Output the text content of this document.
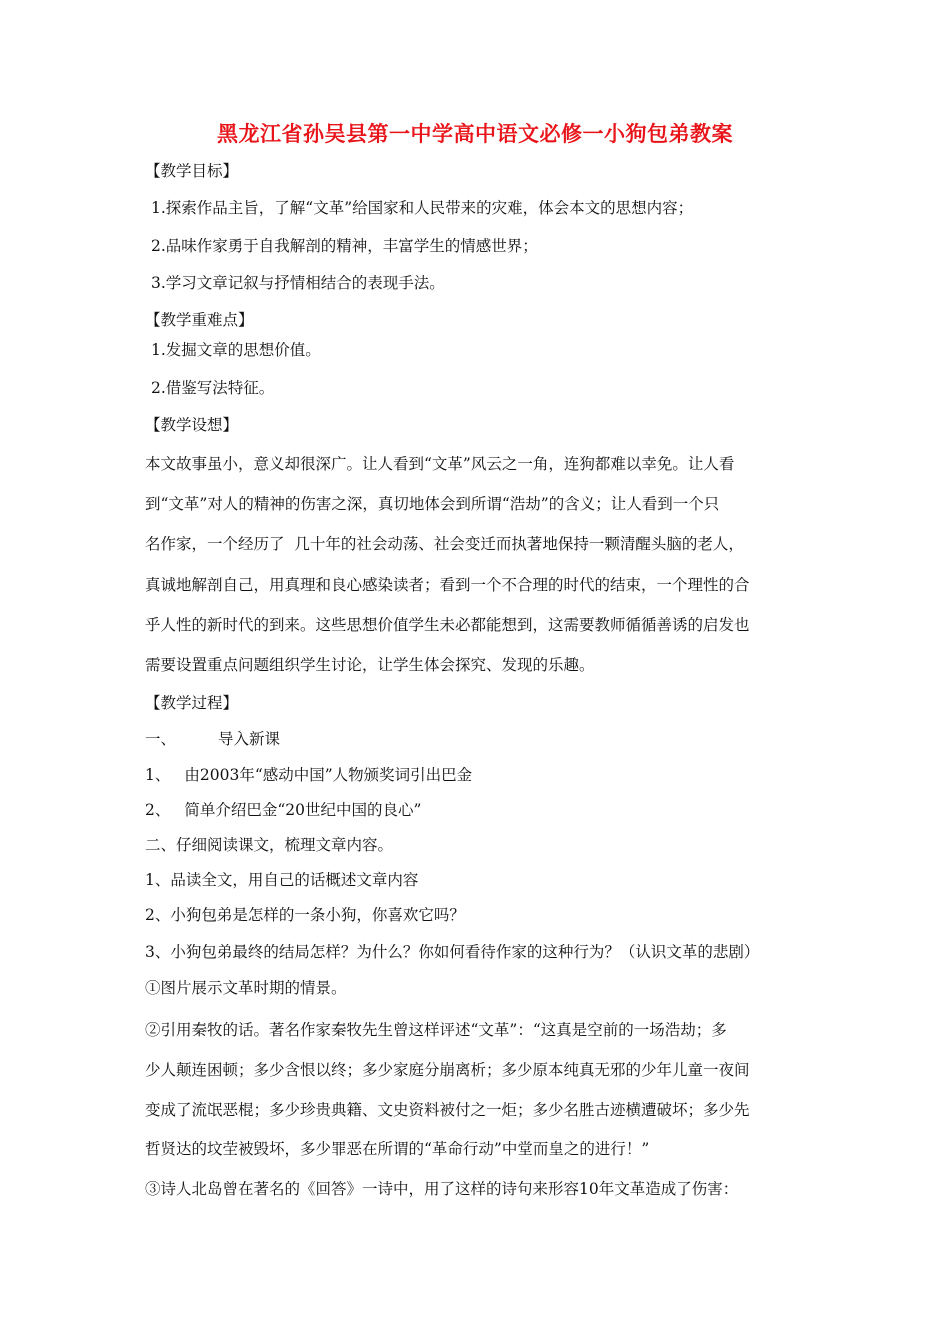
黑龙江省孙吴县第一中学高中语文必修一小狗包弟教案
【教学目标】
1.探索作品主旨，了解“文革”给国家和人民带来的灾难，体会本文的思想内容；
2.品味作家勇于自我解剖的精神，丰富学生的情感世界；
3.学习文章记叙与抒情相结合的表现手法。
【教学重难点】
1.发掘文章的思想价值。
2.借鉴写法特征。
【教学设想】
本文故事虽小，意义却很深广。让人看到“文革”风云之一角，连狗都难以幸免。让人看
到“文革”对人的精神的伤害之深，真切地体会到所谓“浩劫”的含义；让人看到一个只
名作家，一个经历了  几十年的社会动荡、社会变迁而执著地保持一颗清醒头脑的老人，
真诚地解剖自己，用真理和良心感染读者；看到一个不合理的时代的结束，一个理性的合
乎人性的新时代的到来。这些思想价值学生未必都能想到，这需要教师循循善诱的启发也
需要设置重点问题组织学生讨论，让学生体会探究、发现的乐趣。
【教学过程】
一、	导入新课
1、 由2003年“感动中国”人物颁奖词引出巴金
2、 简单介绍巴金“20世纪中国的良心”
二、仔细阅读课文，梳理文章内容。
1、品读全文，用自己的话概述文章内容
2、小狗包弟是怎样的一条小狗，你喜欢它吗？
3、小狗包弟最终的结局怎样？为什么？你如何看待作家的这种行为？（认识文革的悲剧）
①图片展示文革时期的情景。
②引用秦牧的话。著名作家秦牧先生曾这样评述“文革”：“这真是空前的一场浩劫；多
少人颠连困顿；多少含恨以终；多少家庭分崩离析；多少原本纯真无邪的少年儿童一夜间
变成了流氓恶棍；多少珍贵典籍、文史资料被付之一炬；多少名胜古迹横遭破坏；多少先
哲贤达的坟茔被毁坏，多少罪恶在所谓的“革命行动”中堂而皇之的进行！”
③诗人北岛曾在著名的《回答》一诗中，用了这样的诗句来形容10年文革造成了伤害：
